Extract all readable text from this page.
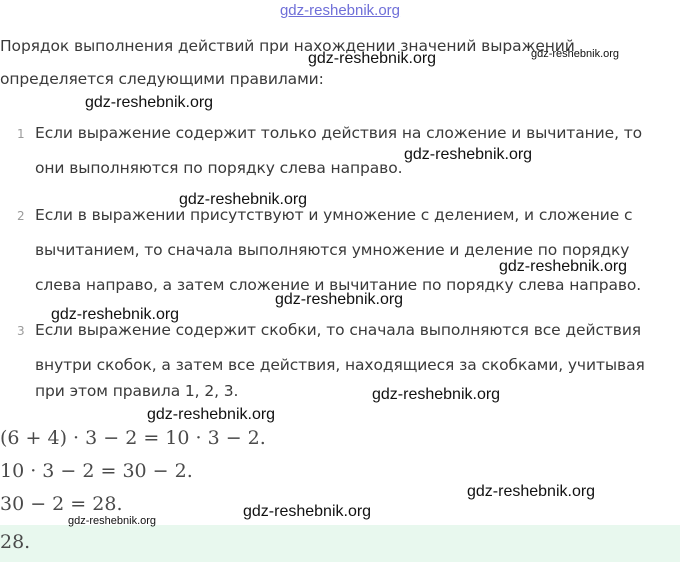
gdz-reshebnik.org
Порядок выполнения действий при нахождении значений выражений
определяется следующими правилами:
1 Если выражение содержит только действия на сложение и вычитание, то
они выполняются по порядку слева направо.
2 Если в выражении присутствуют и умножение с делением, и сложение с
вычитанием, то сначала выполняются умножение и деление по порядку
слева направо, а затем сложение и вычитание по порядку слева направо.
3 Если выражение содержит скобки, то сначала выполняются все действия
внутри скобок, а затем все действия, находящиеся за скобками, учитывая
при этом правила 1, 2, 3.
(6 + 4) · 3 − 2 = 10 · 3 − 2.
10 · 3 − 2 = 30 − 2.
30 − 2 = 28.
28.
gdz-reshebnik.org	gdz-reshebnik.org
gdz-reshebnik.org
gdz-reshebnik.org
gdz-reshebnik.org
gdz-reshebnik.org
gdz-reshebnik.org
gdz-reshebnik.org
gdz-reshebnik.org
gdz-reshebnik.org
gdz-reshebnik.org
gdz-reshebnik.org
gdz-reshebnik.org
